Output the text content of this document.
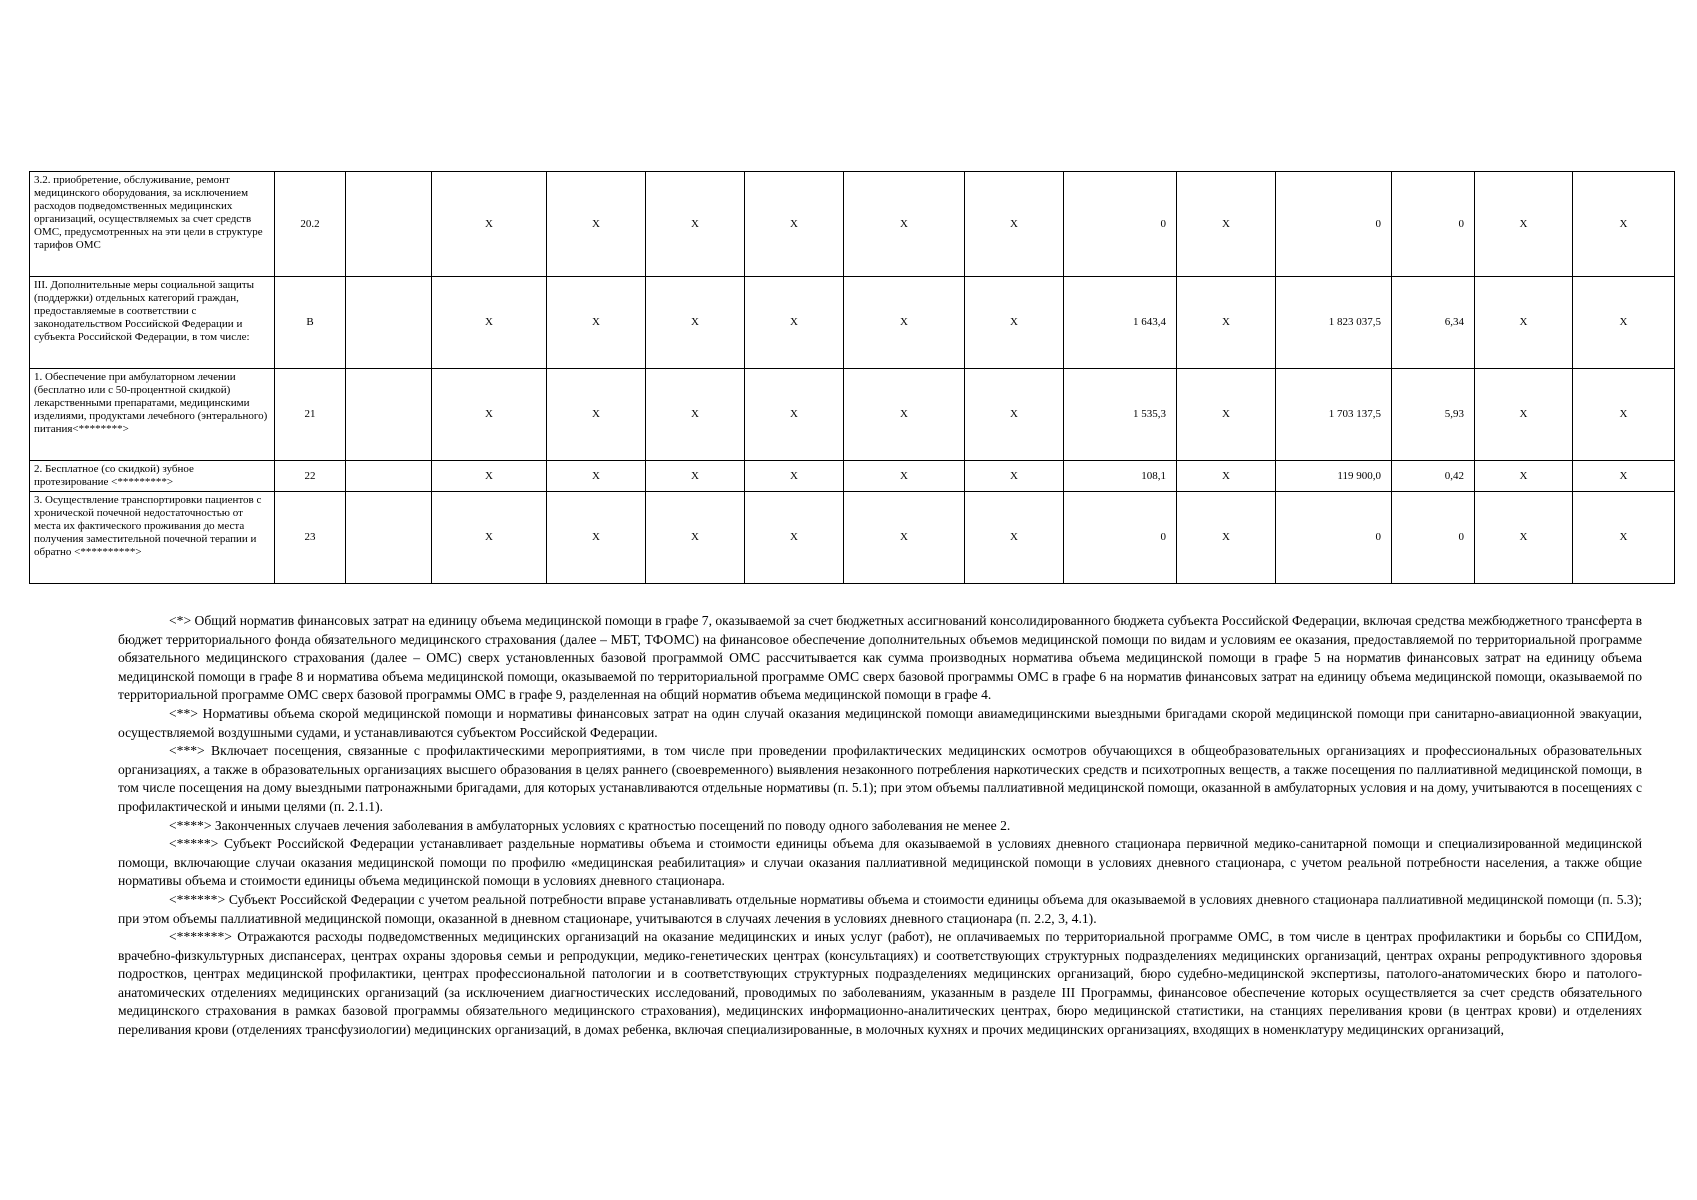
3.2. приобретение, обслуживание, ремонт медицинского оборудования, за исключением расходов подведомственных медицинских организаций, осуществляемых за счет средств ОМС, предусмотренных на эти цели в структуре тарифов ОМС	20.2		X	X	X	X	X	X	0	X	0	0	X	X
III. Дополнительные меры социальной защиты (поддержки) отдельных категорий граждан, предоставляемые в соответствии с законодательством Российской Федерации и субъекта Российской Федерации, в том числе:	В		X	X	X	X	X	X	1 643,4	X	1 823 037,5	6,34	X	X
1. Обеспечение при амбулаторном лечении (бесплатно или с 50-процентной скидкой) лекарственными препаратами, медицинскими изделиями, продуктами лечебного (энтерального) питания<********>	21		X	X	X	X	X	X	1 535,3	X	1 703 137,5	5,93	X	X
2. Бесплатное (со скидкой) зубное протезирование <*********>	22		X	X	X	X	X	X	108,1	X	119 900,0	0,42	X	X
3. Осуществление транспортировки пациентов с хронической почечной недостаточностью от места их фактического проживания до места получения заместительной почечной терапии и обратно <**********>	23		X	X	X	X	X	X	0	X	0	0	X	X

<*> Общий норматив финансовых затрат на единицу объема медицинской помощи в графе 7, оказываемой за счет бюджетных ассигнований консолидированного бюджета субъекта Российской Федерации, включая средства межбюджетного трансферта в бюджет территориального фонда обязательного медицинского страхования (далее – МБТ, ТФОМС) на финансовое обеспечение дополнительных объемов медицинской помощи по видам и условиям ее оказания, предоставляемой по территориальной программе обязательного медицинского страхования (далее – ОМС) сверх установленных базовой программой ОМС рассчитывается как сумма производных норматива объема медицинской помощи в графе 5 на норматив финансовых затрат на единицу объема медицинской помощи в графе 8 и норматива объема медицинской помощи, оказываемой по территориальной программе ОМС сверх базовой программы ОМС в графе 6 на норматив финансовых затрат на единицу объема медицинской помощи, оказываемой по территориальной программе ОМС сверх базовой программы ОМС в графе 9, разделенная на общий норматив объема медицинской помощи в графе 4.

<**> Нормативы объема скорой медицинской помощи и нормативы финансовых затрат на один случай оказания медицинской помощи авиамедицинскими выездными бригадами скорой медицинской помощи при санитарно-авиационной эвакуации, осуществляемой воздушными судами, и устанавливаются субъектом Российской Федерации.

<***> Включает посещения, связанные с профилактическими мероприятиями, в том числе при проведении профилактических медицинских осмотров обучающихся в общеобразовательных организациях и профессиональных образовательных организациях, а также в образовательных организациях высшего образования в целях раннего (своевременного) выявления незаконного потребления наркотических средств и психотропных веществ, а также посещения по паллиативной медицинской помощи, в том числе посещения на дому выездными патронажными бригадами, для которых устанавливаются отдельные нормативы (п. 5.1); при этом объемы паллиативной медицинской помощи, оказанной в амбулаторных условия и на дому, учитываются в посещениях с профилактической и иными целями (п. 2.1.1).

<****> Законченных случаев лечения заболевания в амбулаторных условиях с кратностью посещений по поводу одного заболевания не менее 2.

<*****> Субъект Российской Федерации устанавливает раздельные нормативы объема и стоимости единицы объема для оказываемой в условиях дневного стационара первичной медико-санитарной помощи и специализированной медицинской помощи, включающие случаи оказания медицинской помощи по профилю «медицинская реабилитация» и случаи оказания паллиативной медицинской помощи в условиях дневного стационара, с учетом реальной потребности населения, а также общие нормативы объема и стоимости единицы объема медицинской помощи в условиях дневного стационара.

<******> Субъект Российской Федерации с учетом реальной потребности вправе устанавливать отдельные нормативы объема и стоимости единицы объема для оказываемой в условиях дневного стационара паллиативной медицинской помощи (п. 5.3); при этом объемы паллиативной медицинской помощи, оказанной в дневном стационаре, учитываются в случаях лечения в условиях дневного стационара (п. 2.2, 3, 4.1).

<*******> Отражаются расходы подведомственных медицинских организаций на оказание медицинских и иных услуг (работ), не оплачиваемых по территориальной программе ОМС, в том числе в центрах профилактики и борьбы со СПИДом, врачебно-физкультурных диспансерах, центрах охраны здоровья семьи и репродукции, медико-генетических центрах (консультациях) и соответствующих структурных подразделениях медицинских организаций, центрах охраны репродуктивного здоровья подростков, центрах медицинской профилактики, центрах профессиональной патологии и в соответствующих структурных подразделениях медицинских организаций, бюро судебно-медицинской экспертизы, патолого-анатомических бюро и патолого-анатомических отделениях медицинских организаций (за исключением диагностических исследований, проводимых по заболеваниям, указанным в разделе III Программы, финансовое обеспечение которых осуществляется за счет средств обязательного медицинского страхования в рамках базовой программы обязательного медицинского страхования), медицинских информационно-аналитических центрах, бюро медицинской статистики, на станциях переливания крови (в центрах крови) и отделениях переливания крови (отделениях трансфузиологии) медицинских организаций, в домах ребенка, включая специализированные, в молочных кухнях и прочих медицинских организациях, входящих в номенклатуру медицинских организаций,
